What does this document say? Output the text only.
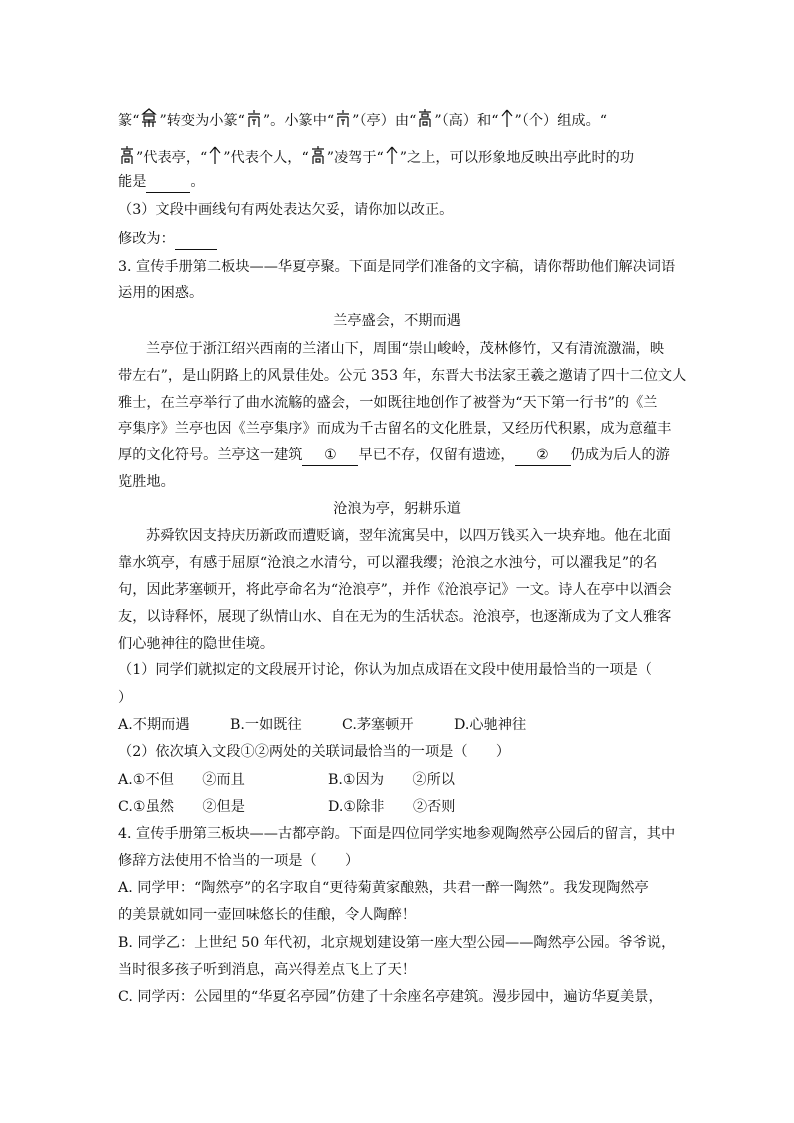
篆“ ”转变为小篆“ ”。小篆中“ ”（亭）由“ ”（高）和“ ”（个）组成。“
”代表亭，“ ”代表个人，“ ”凌驾于“ ”之上，可以形象地反映出亭此时的功
能是	。
（3）文段中画线句有两处表达欠妥，请你加以改正。
修改为：
3. 宣传手册第二板块——华夏亭聚。下面是同学们准备的文字稿，请你帮助他们解决词语
运用的困惑。
兰亭盛会，不期而遇
兰亭位于浙江绍兴西南的兰渚山下，周围“崇山峻岭，茂林修竹，又有清流激湍，映
带左右”，是山阴路上的风景佳处。公元 353 年，东晋大书法家王羲之邀请了四十二位文人
雅士，在兰亭举行了曲水流觞的盛会，一如既往地创作了被誉为“天下第一行书”的《兰
亭集序》兰亭也因《兰亭集序》而成为千古留名的文化胜景，又经历代积累，成为意蕴丰
厚的文化符号。兰亭这一建筑 ① 早已不存，仅留有遗迹， ② 仍成为后人的游
览胜地。
沧浪为亭，躬耕乐道
苏舜钦因支持庆历新政而遭贬谪，翌年流寓吴中，以四万钱买入一块弃地。他在北面
靠水筑亭，有感于屈原“沧浪之水清兮，可以濯我缨；沧浪之水浊兮，可以濯我足”的名
句，因此茅塞顿开，将此亭命名为“沧浪亭”，并作《沧浪亭记》一文。诗人在亭中以酒会
友，以诗释怀，展现了纵情山水、自在无为的生活状态。沧浪亭，也逐渐成为了文人雅客
们心驰神往的隐世佳境。
（1）同学们就拟定的文段展开讨论，你认为加点成语在文段中使用最恰当的一项是（
）
A.不期而遇	B.一如既往	C.茅塞顿开	D.心驰神往
（2）依次填入文段①②两处的关联词最恰当的一项是（　　）
A.①不但　　②而且	B.①因为　　②所以
C.①虽然　　②但是	D.①除非　　②否则
4. 宣传手册第三板块——古都亭韵。下面是四位同学实地参观陶然亭公园后的留言，其中
修辞方法使用不恰当的一项是（　　）
A. 同学甲：“陶然亭”的名字取自“更待菊黄家酿熟，共君一醉一陶然”。我发现陶然亭
的美景就如同一壶回味悠长的佳酿，令人陶醉！
B. 同学乙：上世纪 50 年代初，北京规划建设第一座大型公园——陶然亭公园。爷爷说，
当时很多孩子听到消息，高兴得差点飞上了天！
C. 同学丙：公园里的“华夏名亭园”仿建了十余座名亭建筑。漫步园中，遍访华夏美景，
